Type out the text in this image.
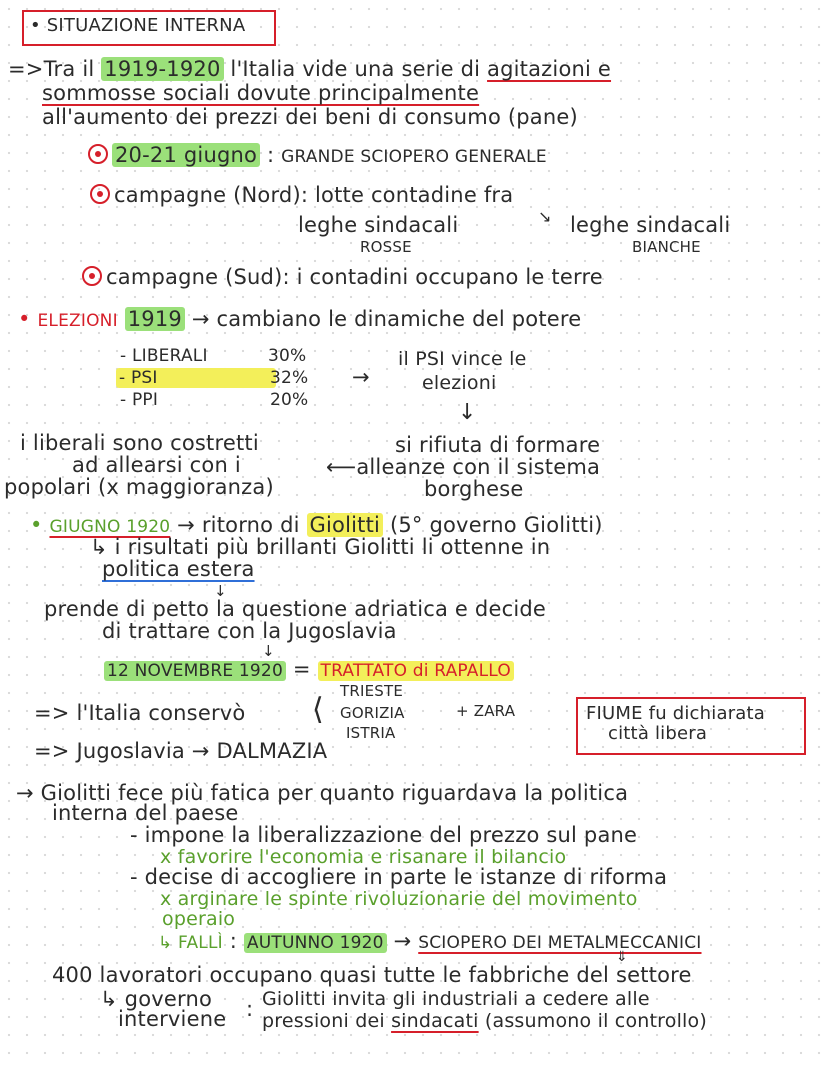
• SITUAZIONE INTERNA
=>Tra il 1919-1920 l'Italia vide una serie di agitazioni e
sommosse sociali dovute principalmente
all'aumento dei prezzi dei beni di consumo (pane)
20-21 giugno : GRANDE SCIOPERO GENERALE
campagne (Nord): lotte contadine fra
leghe sindacali
ROSSE
↘ leghe sindacali
BIANCHE
campagne (Sud): i contadini occupano le terre
• ELEZIONI 1919 → cambiano le dinamiche del potere
- LIBERALI	30%
- PSI	32%
- PPI	20%
→
il PSI vince le
elezioni
↓
i liberali sono costretti
ad allearsi con i
popolari (x maggioranza)
si rifiuta di formare
⟵alleanze con il sistema
borghese
• GIUGNO 1920 → ritorno di Giolitti (5° governo Giolitti)
↳ i risultati più brillanti Giolitti li ottenne in
politica estera
↓
prende di petto la questione adriatica e decide
di trattare con la Jugoslavia
↓
12 NOVEMBRE 1920 = TRATTATO di RAPALLO
=> l'Italia conservò ⟨
TRIESTE
GORIZIA
ISTRIA
+ ZARA	FIUME fu dichiarata
città libera
=> Jugoslavia → DALMAZIA
→ Giolitti fece più fatica per quanto riguardava la politica
interna del paese
- impone la liberalizzazione del prezzo sul pane
x favorire l'economia e risanare il bilancio
- decise di accogliere in parte le istanze di riforma
x arginare le spinte rivoluzionarie del movimento
operaio
↳ FALLÌ : AUTUNNO 1920 → SCIOPERO DEI METALMECCANICI
⇓
400 lavoratori occupano quasi tutte le fabbriche del settore
↳ governo
interviene : Giolitti invita gli industriali a cedere alle
pressioni dei sindacati (assumono il controllo)
